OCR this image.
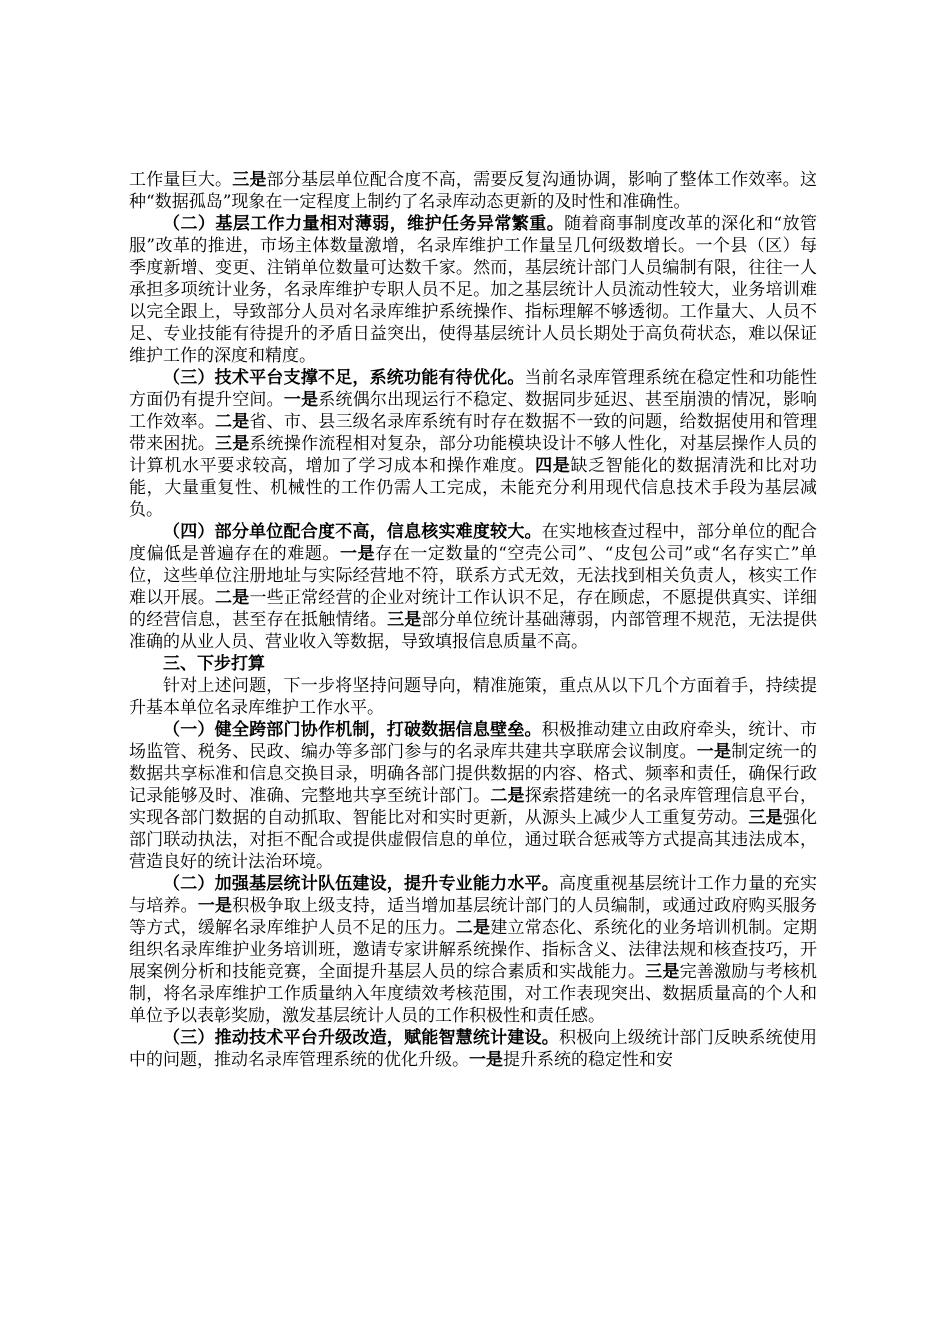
工作量巨大。三是部分基层单位配合度不高，需要反复沟通协调，影响了整体工作效率。这种“数据孤岛”现象在一定程度上制约了名录库动态更新的及时性和准确性。

（二）基层工作力量相对薄弱，维护任务异常繁重。随着商事制度改革的深化和“放管服”改革的推进，市场主体数量激增，名录库维护工作量呈几何级数增长。一个县（区）每季度新增、变更、注销单位数量可达数千家。然而，基层统计部门人员编制有限，往往一人承担多项统计业务，名录库维护专职人员不足。加之基层统计人员流动性较大，业务培训难以完全跟上，导致部分人员对名录库维护系统操作、指标理解不够透彻。工作量大、人员不足、专业技能有待提升的矛盾日益突出，使得基层统计人员长期处于高负荷状态，难以保证维护工作的深度和精度。

（三）技术平台支撑不足，系统功能有待优化。当前名录库管理系统在稳定性和功能性方面仍有提升空间。一是系统偶尔出现运行不稳定、数据同步延迟、甚至崩溃的情况，影响工作效率。二是省、市、县三级名录库系统有时存在数据不一致的问题，给数据使用和管理带来困扰。三是系统操作流程相对复杂，部分功能模块设计不够人性化，对基层操作人员的计算机水平要求较高，增加了学习成本和操作难度。四是缺乏智能化的数据清洗和比对功能，大量重复性、机械性的工作仍需人工完成，未能充分利用现代信息技术手段为基层减负。

（四）部分单位配合度不高，信息核实难度较大。在实地核查过程中，部分单位的配合度偏低是普遍存在的难题。一是存在一定数量的“空壳公司”、“皮包公司”或“名存实亡”单位，这些单位注册地址与实际经营地不符，联系方式无效，无法找到相关负责人，核实工作难以开展。二是一些正常经营的企业对统计工作认识不足，存在顾虑，不愿提供真实、详细的经营信息，甚至存在抵触情绪。三是部分单位统计基础薄弱，内部管理不规范，无法提供准确的从业人员、营业收入等数据，导致填报信息质量不高。

三、下步打算

针对上述问题，下一步将坚持问题导向，精准施策，重点从以下几个方面着手，持续提升基本单位名录库维护工作水平。

（一）健全跨部门协作机制，打破数据信息壁垒。积极推动建立由政府牵头，统计、市场监管、税务、民政、编办等多部门参与的名录库共建共享联席会议制度。一是制定统一的数据共享标准和信息交换目录，明确各部门提供数据的内容、格式、频率和责任，确保行政记录能够及时、准确、完整地共享至统计部门。二是探索搭建统一的名录库管理信息平台，实现各部门数据的自动抓取、智能比对和实时更新，从源头上减少人工重复劳动。三是强化部门联动执法，对拒不配合或提供虚假信息的单位，通过联合惩戒等方式提高其违法成本，营造良好的统计法治环境。

（二）加强基层统计队伍建设，提升专业能力水平。高度重视基层统计工作力量的充实与培养。一是积极争取上级支持，适当增加基层统计部门的人员编制，或通过政府购买服务等方式，缓解名录库维护人员不足的压力。二是建立常态化、系统化的业务培训机制。定期组织名录库维护业务培训班，邀请专家讲解系统操作、指标含义、法律法规和核查技巧，开展案例分析和技能竞赛，全面提升基层人员的综合素质和实战能力。三是完善激励与考核机制，将名录库维护工作质量纳入年度绩效考核范围，对工作表现突出、数据质量高的个人和单位予以表彰奖励，激发基层统计人员的工作积极性和责任感。

（三）推动技术平台升级改造，赋能智慧统计建设。积极向上级统计部门反映系统使用中的问题，推动名录库管理系统的优化升级。一是提升系统的稳定性和安
